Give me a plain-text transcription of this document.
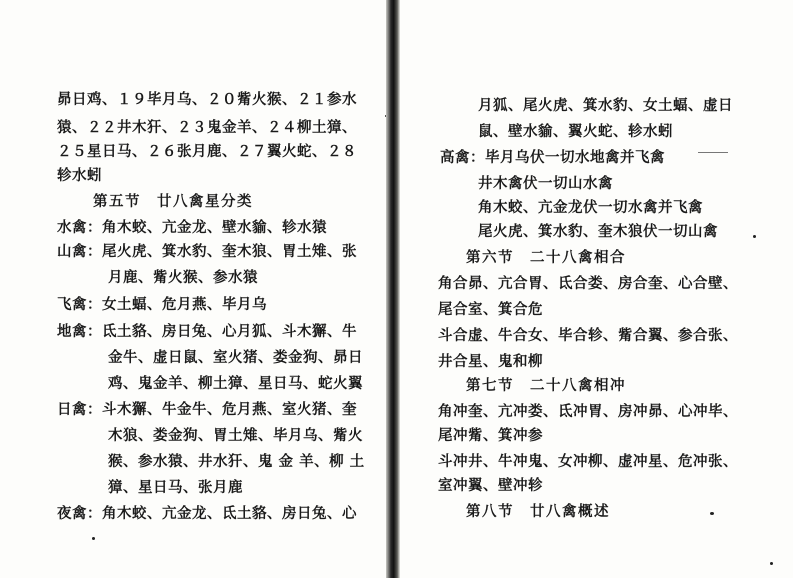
昴日鸡、１９毕月乌、２０觜火猴、２１参水
猿、２２井木犴、２３鬼金羊、２４柳土獐、
２５星日马、２６张月鹿、２７翼火蛇、２８
轸水蚓
第五节　廿八禽星分类
水禽：角木蛟、亢金龙、壁水貐、轸水猿
山禽：尾火虎、箕水豹、奎木狼、胃土雉、张
月鹿、觜火猴、参水猿
飞禽：女土蝠、危月燕、毕月乌
地禽：氐土貉、房日兔、心月狐、斗木獬、牛
金牛、虚日鼠、室火猪、娄金狗、昴日
鸡、鬼金羊、柳土獐、星日马、蛇火翼
日禽：斗木獬、牛金牛、危月燕、室火猪、奎
木狼、娄金狗、胃土雉、毕月乌、觜火
猴、参水猿、井水犴、鬼 金 羊、柳 土
獐、星日马、张月鹿
夜禽：角木蛟、亢金龙、氐土貉、房日兔、心
月狐、尾火虎、箕水豹、女土蝠、虚日
鼠、壁水貐、翼火蛇、轸水蚓
高禽：毕月乌伏一切水地禽并飞禽
井木禽伏一切山水禽
角木蛟、亢金龙伏一切水禽并飞禽
尾火虎、箕水豹、奎木狼伏一切山禽
第六节　二十八禽相合
角合昴、亢合胃、氐合娄、房合奎、心合壁、
尾合室、箕合危
斗合虚、牛合女、毕合轸、觜合翼、参合张、
井合星、鬼和柳
第七节　二十八禽相冲
角冲奎、亢冲娄、氐冲胃、房冲昴、心冲毕、
尾冲觜、箕冲参
斗冲井、牛冲鬼、女冲柳、虚冲星、危冲张、
室冲翼、壁冲轸
第八节　廿八禽概述
